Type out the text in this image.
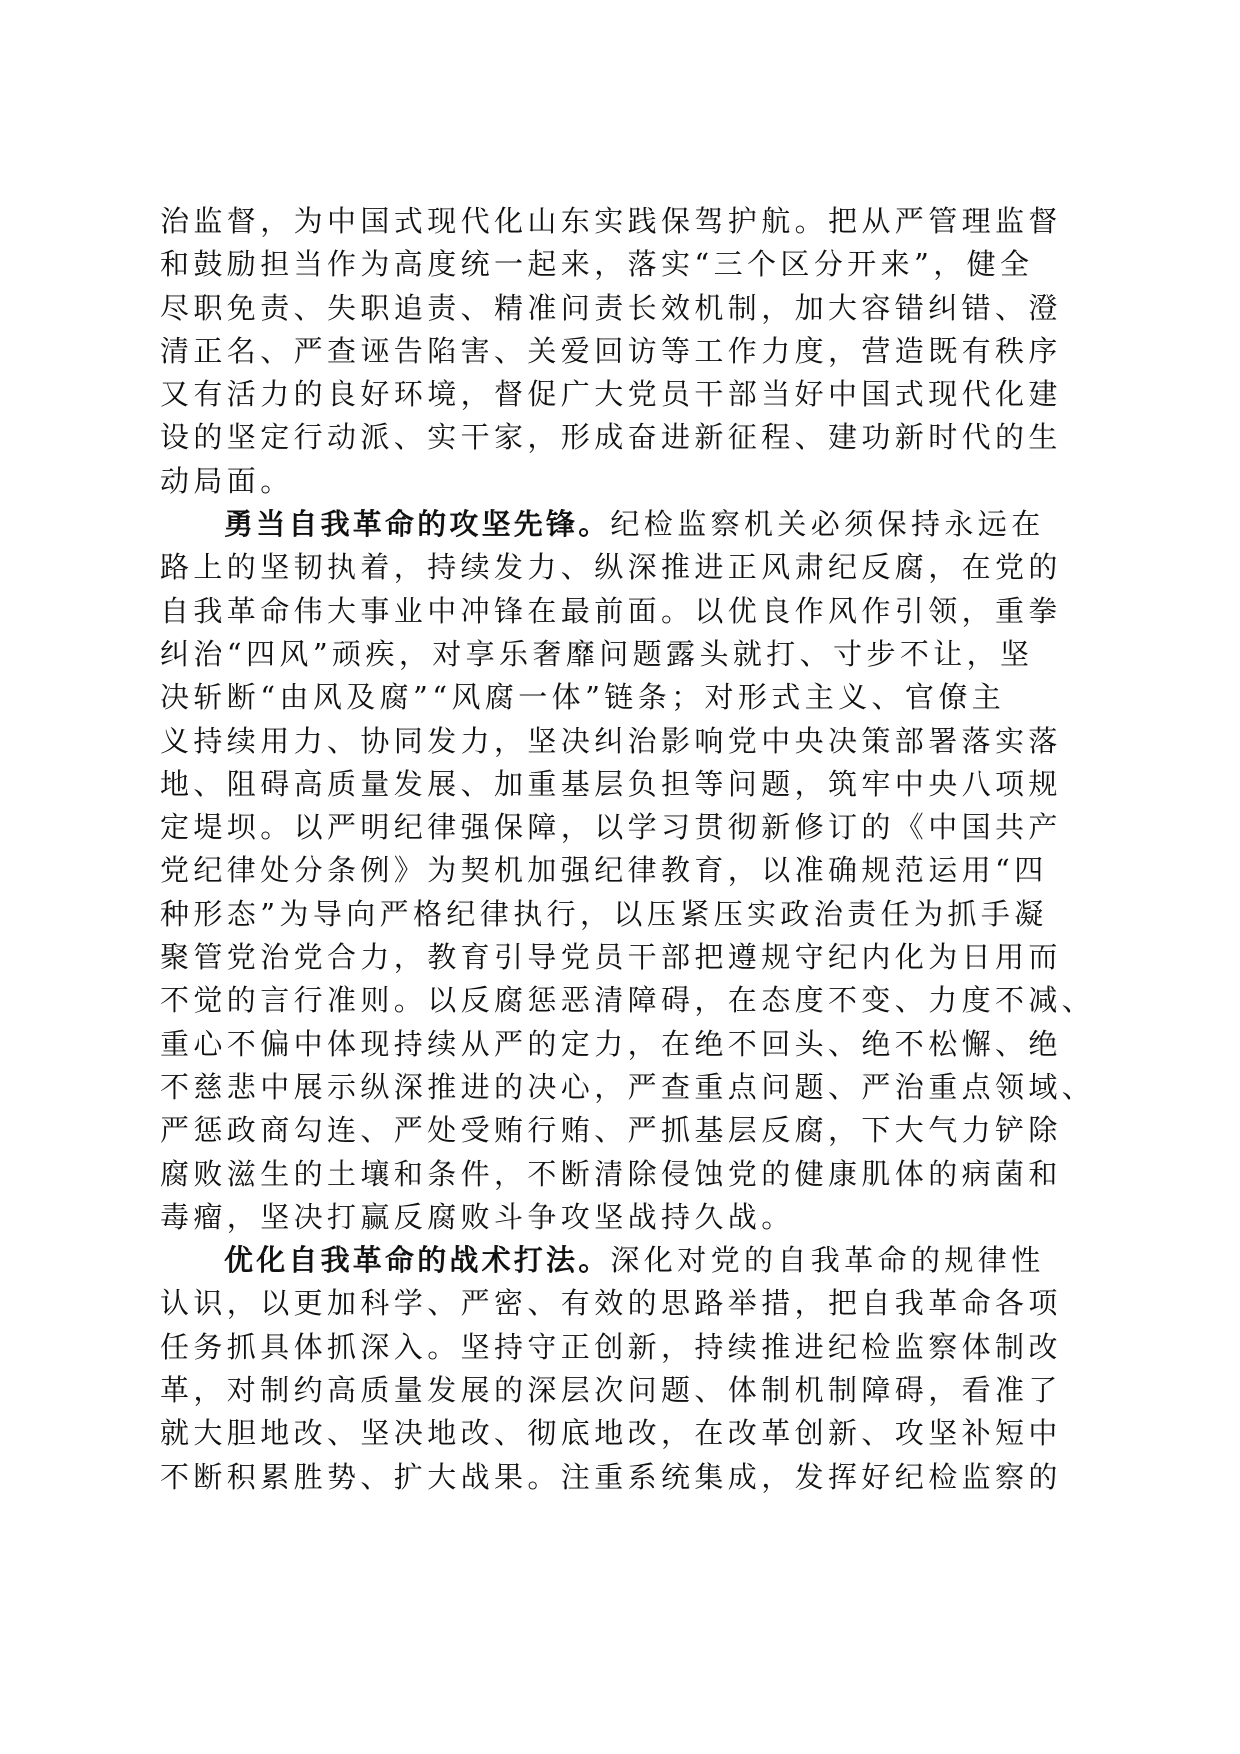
治监督，为中国式现代化山东实践保驾护航。把从严管理监督
和鼓励担当作为高度统一起来，落实“三个区分开来”，健全
尽职免责、失职追责、精准问责长效机制，加大容错纠错、澄
清正名、严查诬告陷害、关爱回访等工作力度，营造既有秩序
又有活力的良好环境，督促广大党员干部当好中国式现代化建
设的坚定行动派、实干家，形成奋进新征程、建功新时代的生
动局面。
勇当自我革命的攻坚先锋。纪检监察机关必须保持永远在
路上的坚韧执着，持续发力、纵深推进正风肃纪反腐，在党的
自我革命伟大事业中冲锋在最前面。以优良作风作引领，重拳
纠治“四风”顽疾，对享乐奢靡问题露头就打、寸步不让，坚
决斩断“由风及腐”“风腐一体”链条；对形式主义、官僚主
义持续用力、协同发力，坚决纠治影响党中央决策部署落实落
地、阻碍高质量发展、加重基层负担等问题，筑牢中央八项规
定堤坝。以严明纪律强保障，以学习贯彻新修订的《中国共产
党纪律处分条例》为契机加强纪律教育，以准确规范运用“四
种形态”为导向严格纪律执行，以压紧压实政治责任为抓手凝
聚管党治党合力，教育引导党员干部把遵规守纪内化为日用而
不觉的言行准则。以反腐惩恶清障碍，在态度不变、力度不减、
重心不偏中体现持续从严的定力，在绝不回头、绝不松懈、绝
不慈悲中展示纵深推进的决心，严查重点问题、严治重点领域、
严惩政商勾连、严处受贿行贿、严抓基层反腐，下大气力铲除
腐败滋生的土壤和条件，不断清除侵蚀党的健康肌体的病菌和
毒瘤，坚决打赢反腐败斗争攻坚战持久战。
优化自我革命的战术打法。深化对党的自我革命的规律性
认识，以更加科学、严密、有效的思路举措，把自我革命各项
任务抓具体抓深入。坚持守正创新，持续推进纪检监察体制改
革，对制约高质量发展的深层次问题、体制机制障碍，看准了
就大胆地改、坚决地改、彻底地改，在改革创新、攻坚补短中
不断积累胜势、扩大战果。注重系统集成，发挥好纪检监察的
